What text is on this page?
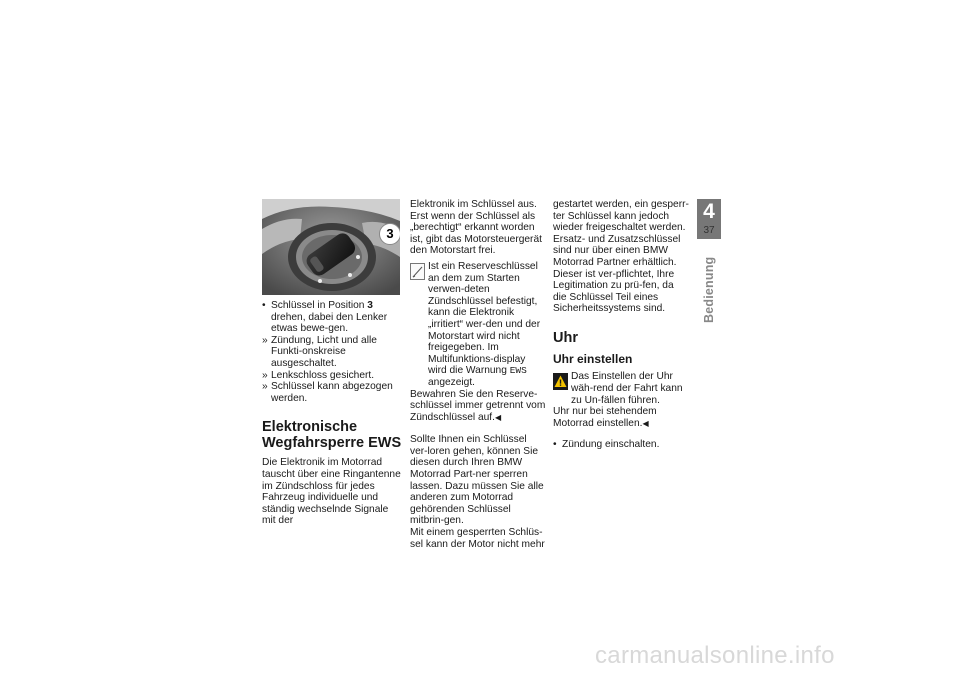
3
• Schlüssel in Position 3 drehen, dabei den Lenker etwas bewe-gen.
» Zündung, Licht und alle Funkti-onskreise ausgeschaltet.
» Lenkschloss gesichert.
» Schlüssel kann abgezogen werden.
Elektronische Wegfahrsperre EWS

Die Elektronik im Motorrad tauscht über eine Ringantenne im Zündschloss für jedes Fahrzeug individuelle und ständig wechselnde Signale mit der

Elektronik im Schlüssel aus. Erst wenn der Schlüssel als „berechtigt“ erkannt worden ist, gibt das Motorsteuergerät den Motorstart frei.

Ist ein Reserveschlüssel an dem zum Starten verwen-deten Zündschlüssel befestigt, kann die Elektronik „irritiert“ wer-den und der Motorstart wird nicht freigegeben. Im Multifunktions-display wird die Warnung EWS angezeigt.

Bewahren Sie den Reserve-schlüssel immer getrennt vom Zündschlüssel auf.◀

Sollte Ihnen ein Schlüssel ver-loren gehen, können Sie diesen durch Ihren BMW Motorrad Part-ner sperren lassen. Dazu müssen Sie alle anderen zum Motorrad gehörenden Schlüssel mitbrin-gen.

Mit einem gesperrten Schlüs-sel kann der Motor nicht mehr

gestartet werden, ein gesperr-ter Schlüssel kann jedoch wieder freigeschaltet werden.

Ersatz- und Zusatzschlüssel sind nur über einen BMW Motorrad Partner erhältlich. Dieser ist ver-pflichtet, Ihre Legitimation zu prü-fen, da die Schlüssel Teil eines Sicherheitssystems sind.

Uhr
Uhr einstellen
Das Einstellen der Uhr wäh-rend der Fahrt kann zu Un-fällen führen.

Uhr nur bei stehendem Motorrad einstellen.◀

• Zündung einschalten.
4
37
Bedienung
carmanualsonline.info
